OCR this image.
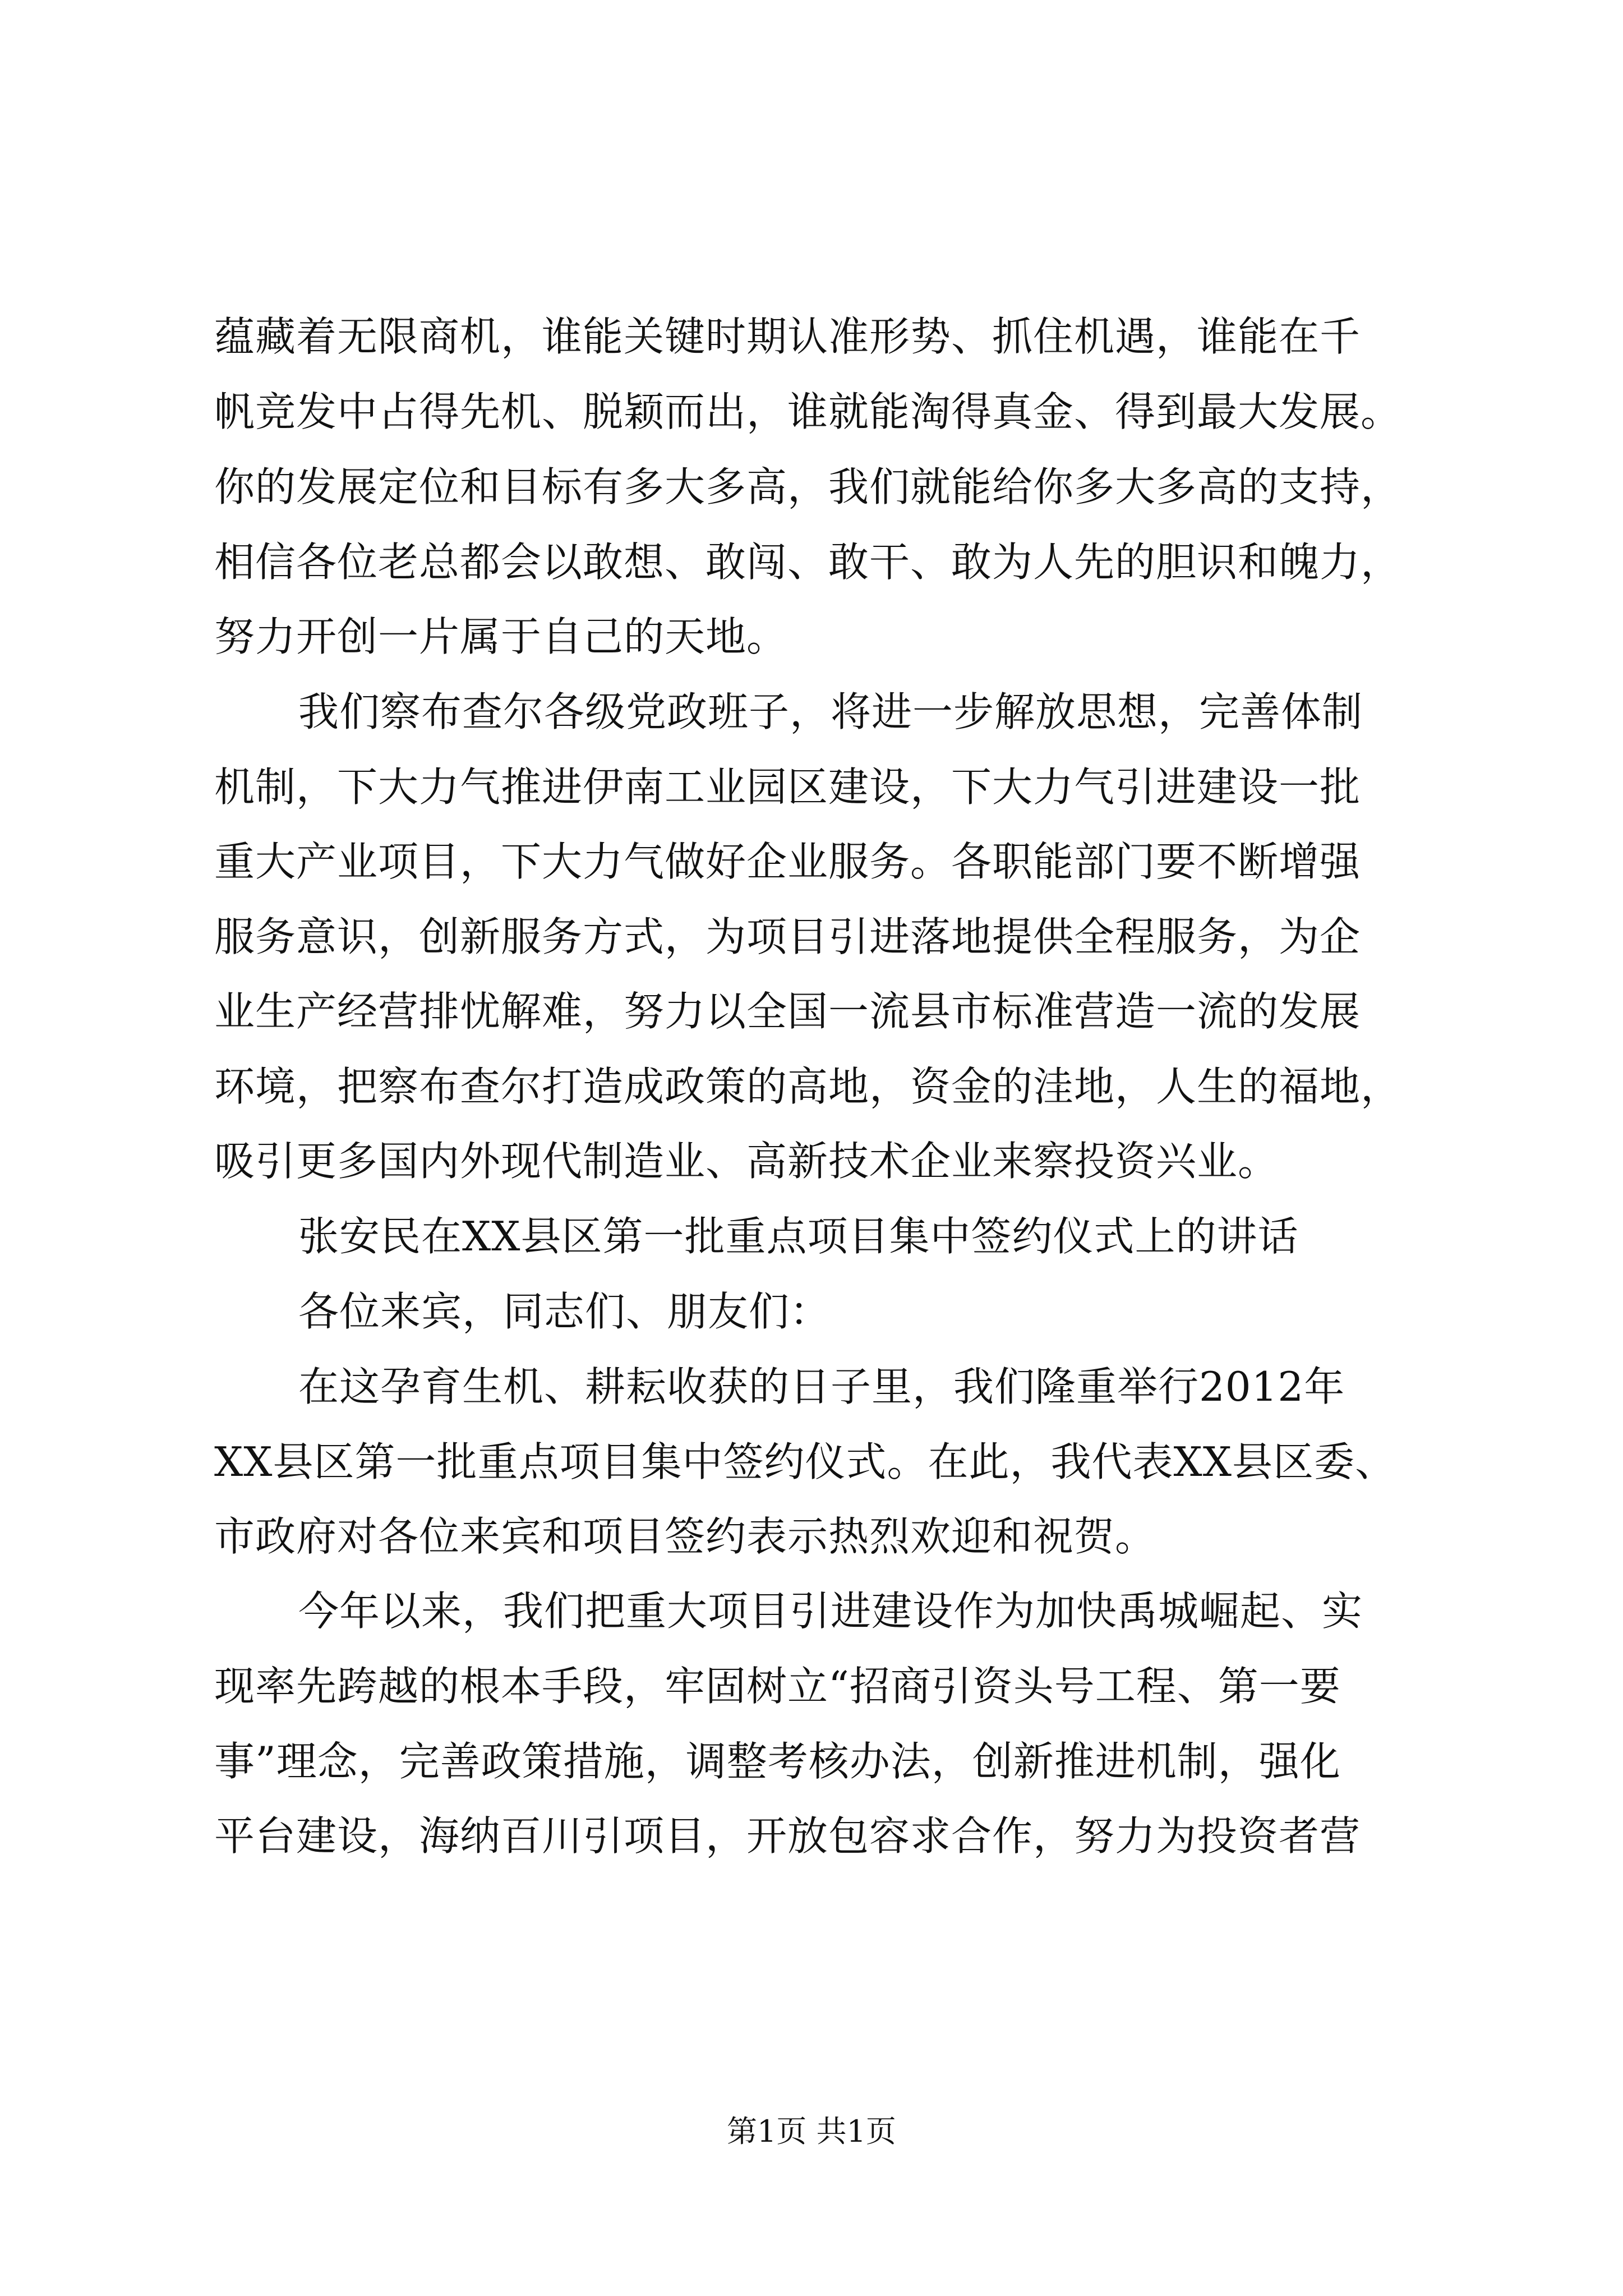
蕴藏着无限商机，谁能关键时期认准形势、抓住机遇，谁能在千
帆竞发中占得先机、脱颖而出，谁就能淘得真金、得到最大发展。
你的发展定位和目标有多大多高，我们就能给你多大多高的支持，
相信各位老总都会以敢想、敢闯、敢干、敢为人先的胆识和魄力，
努力开创一片属于自己的天地。
我们察布查尔各级党政班子，将进一步解放思想，完善体制
机制，下大力气推进伊南工业园区建设，下大力气引进建设一批
重大产业项目，下大力气做好企业服务。各职能部门要不断增强
服务意识，创新服务方式，为项目引进落地提供全程服务，为企
业生产经营排忧解难，努力以全国一流县市标准营造一流的发展
环境，把察布查尔打造成政策的高地，资金的洼地，人生的福地，
吸引更多国内外现代制造业、高新技术企业来察投资兴业。
张安民在XX县区第一批重点项目集中签约仪式上的讲话
各位来宾，同志们、朋友们：
在这孕育生机、耕耘收获的日子里，我们隆重举行2012年
XX县区第一批重点项目集中签约仪式。在此，我代表XX县区委、
市政府对各位来宾和项目签约表示热烈欢迎和祝贺。
今年以来，我们把重大项目引进建设作为加快禹城崛起、实
现率先跨越的根本手段，牢固树立“招商引资头号工程、第一要
事”理念，完善政策措施，调整考核办法，创新推进机制，强化
平台建设，海纳百川引项目，开放包容求合作，努力为投资者营
第1页 共1页
